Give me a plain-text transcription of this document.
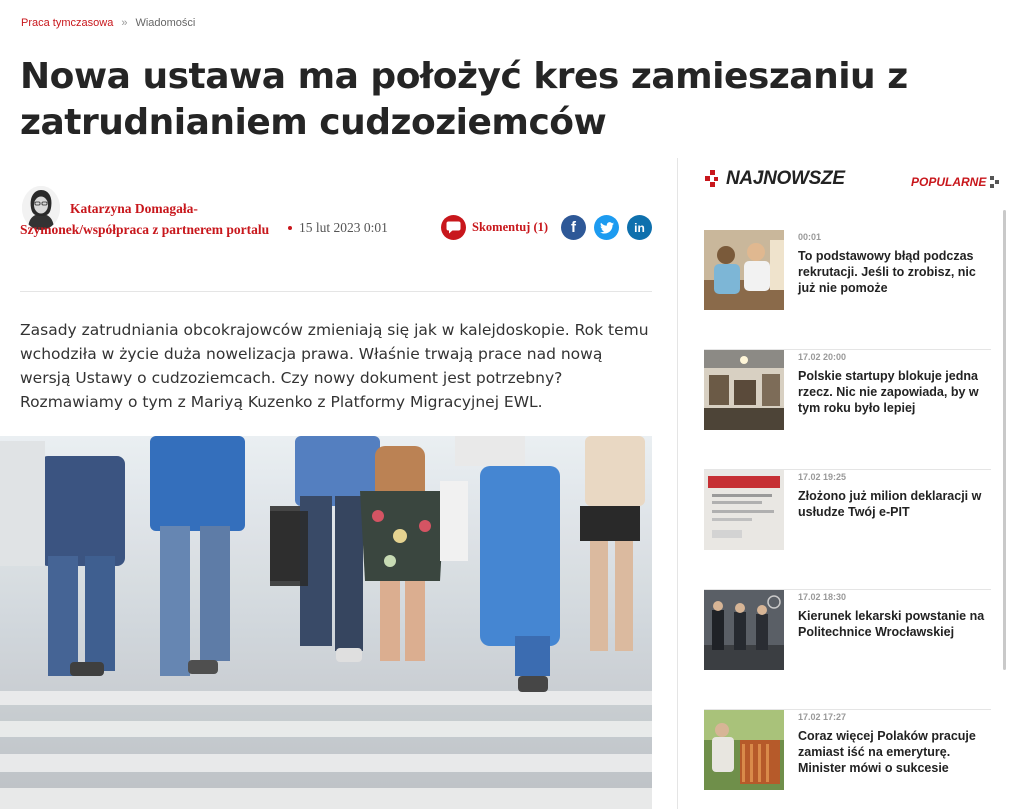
Praca tymczasowa » Wiadomości
Nowa ustawa ma położyć kres zamieszaniu z zatrudnianiem cudzoziemców
Katarzyna Domagała-Szymonek/współpraca z partnerem portalu 15 lut 2023 0:01	Skomentuj (1) f	in

Zasady zatrudniania obcokrajowców zmieniają się jak w kalejdoskopie. Rok temu wchodziła w życie duża nowelizacja prawa. Właśnie trwają prace nad nową wersją Ustawy o cudzoziemcach. Czy nowy dokument jest potrzebny? Rozmawiamy o tym z Mariyą Kuzenko z Platformy Migracyjnej EWL.

NAJNOWSZE	POPULARNE
00:01
To podstawowy błąd podczas rekrutacji. Jeśli to zrobisz, nic już nie pomoże
17.02 20:00
Polskie startupy blokuje jedna rzecz. Nic nie zapowiada, by w tym roku było lepiej
17.02 19:25
Złożono już milion deklaracji w usłudze Twój e-PIT
17.02 18:30
Kierunek lekarski powstanie na Politechnice Wrocławskiej
17.02 17:27
Coraz więcej Polaków pracuje zamiast iść na emeryturę. Minister mówi o sukcesie
